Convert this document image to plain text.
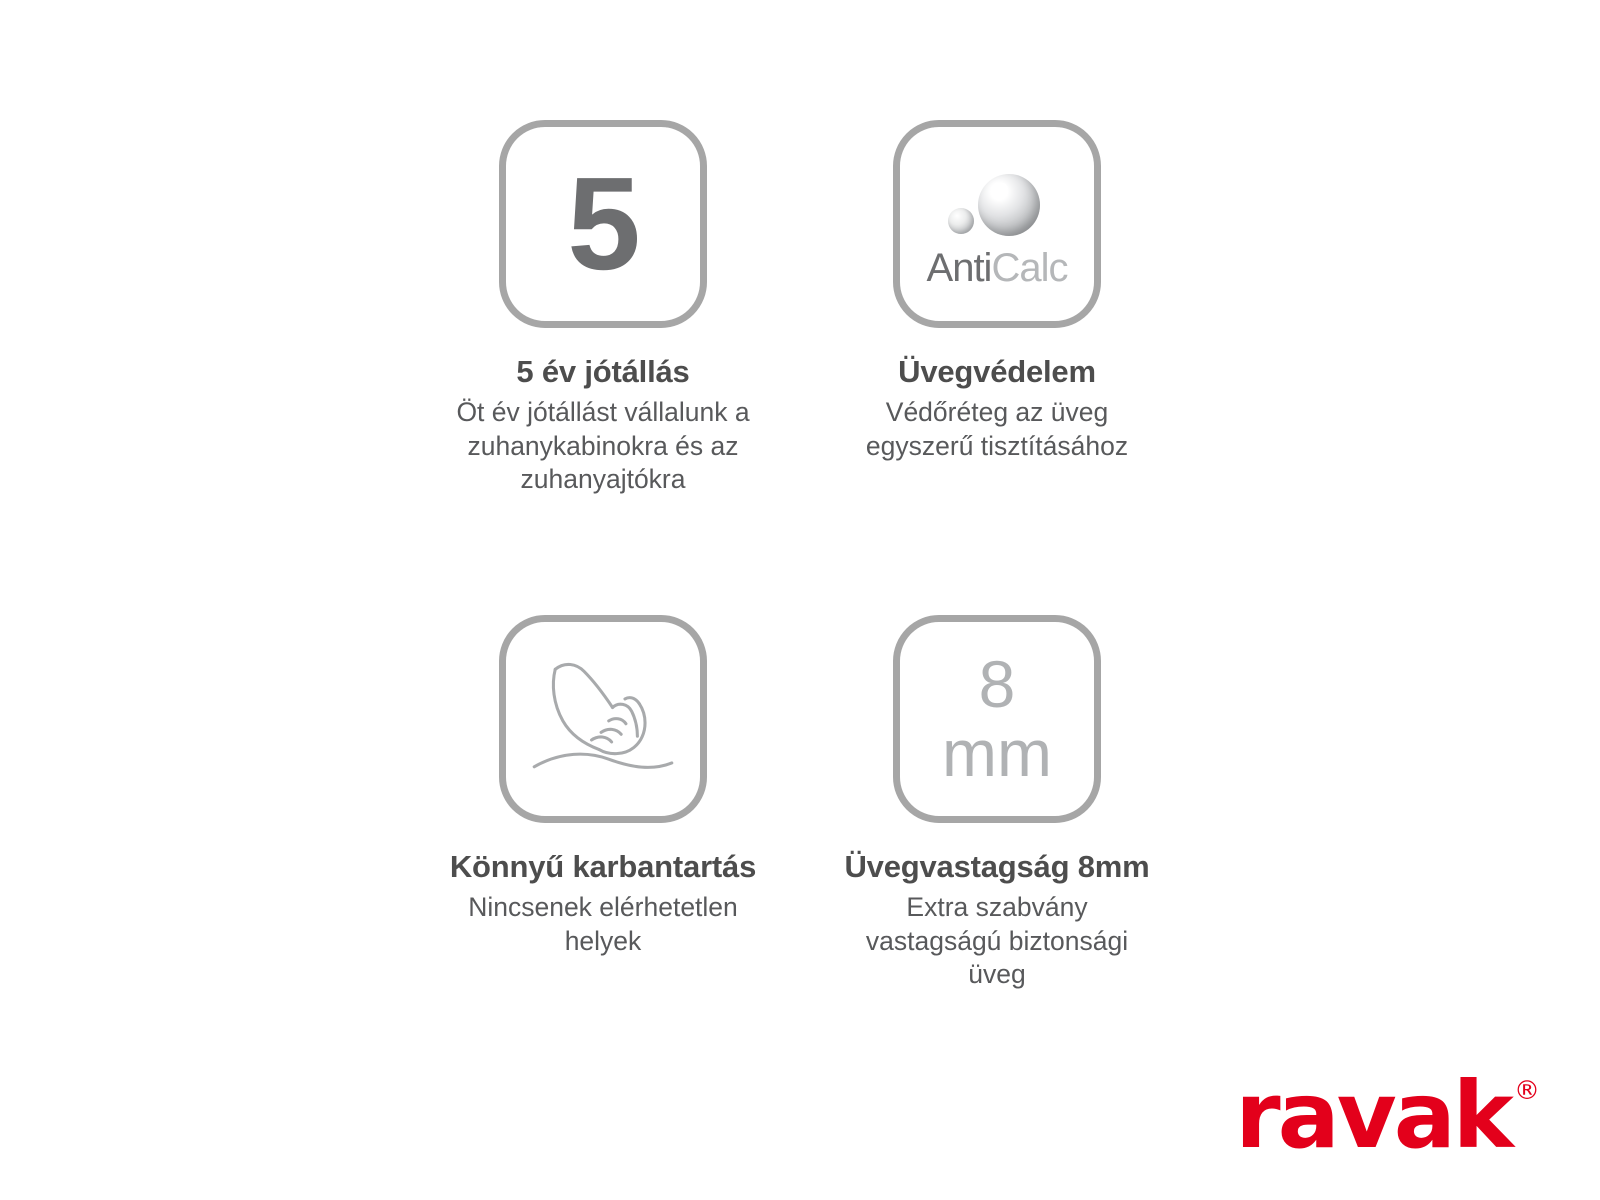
5
5 év jótállás
Öt év jótállást vállalunk a zuhanykabinokra és az zuhanyajtókra
AntiCalc
Üvegvédelem
Védőréteg az üveg egyszerű tisztításához
Könnyű karbantartás
Nincsenek elérhetetlen helyek
8
mm
Üvegvastagság 8mm
Extra szabvány vastagságú biztonsági üveg
ravak ®
